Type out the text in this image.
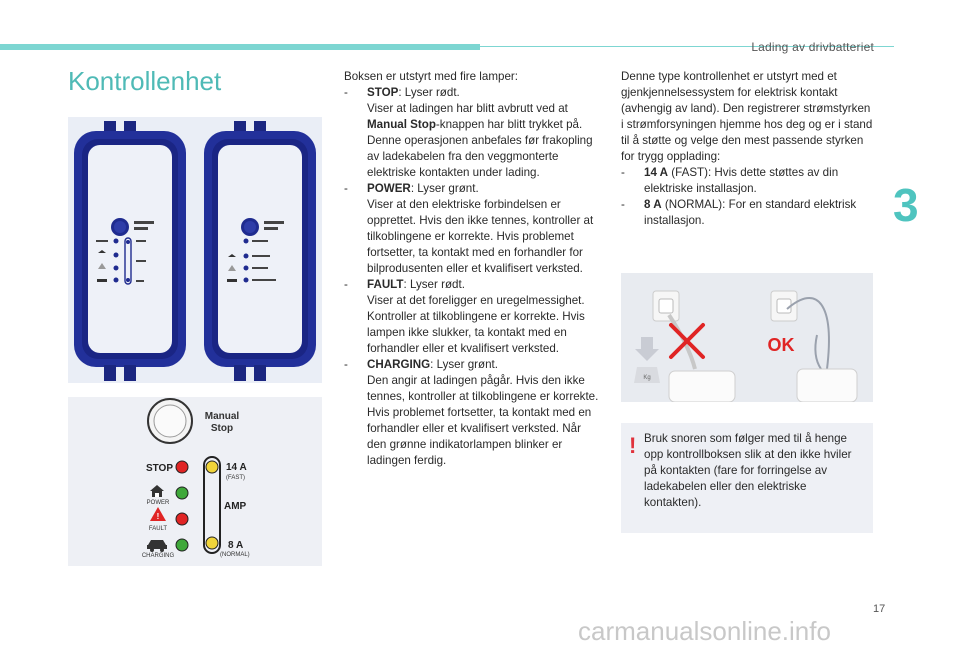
Lading av drivbatteriet
3
17
Kontrollenhet
Manual
Stop
STOP
POWER
!
FAULT
CHARGING
14 A
(FAST)
AMP
8 A
(NORMAL)

Boksen er utstyrt med fire lamper:

-	STOP: Lyser rødt.
Viser at ladingen har blitt avbrutt ved at Manual Stop-knappen har blitt trykket på. Denne operasjonen anbefales før frakopling av ladekabelen fra den veggmonterte elektriske kontakten under lading.
-	POWER: Lyser grønt.
Viser at den elektriske forbindelsen er opprettet. Hvis den ikke tennes, kontroller at tilkoblingene er korrekte. Hvis problemet fortsetter, ta kontakt med en forhandler for bilprodusenten eller et kvalifisert verksted.
-	FAULT: Lyser rødt.
Viser at det foreligger en uregelmessighet. Kontroller at tilkoblingene er korrekte. Hvis lampen ikke slukker, ta kontakt med en forhandler eller et kvalifisert verksted.
-	CHARGING: Lyser grønt.
Den angir at ladingen pågår. Hvis den ikke tennes, kontroller at tilkoblingene er korrekte. Hvis problemet fortsetter, ta kontakt med en forhandler eller et kvalifisert verksted. Når den grønne indikatorlampen blinker er ladingen ferdig.

Denne type kontrollenhet er utstyrt med et gjenkjennelsessystem for elektrisk kontakt (avhengig av land). Den registrerer strømstyrken i strømforsyningen hjemme hos deg og er i stand til å støtte og velge den mest passende styrken for trygg opplading:

-	14 A (FAST): Hvis dette støttes av din elektriske installasjon.
-	8 A (NORMAL): For en standard elektrisk installasjon.
Kg
OK
! Bruk snoren som følger med til å henge opp kontrollboksen slik at den ikke hviler på kontakten (fare for forringelse av ladekabelen eller den elektriske kontakten).

carmanualsonline.info
